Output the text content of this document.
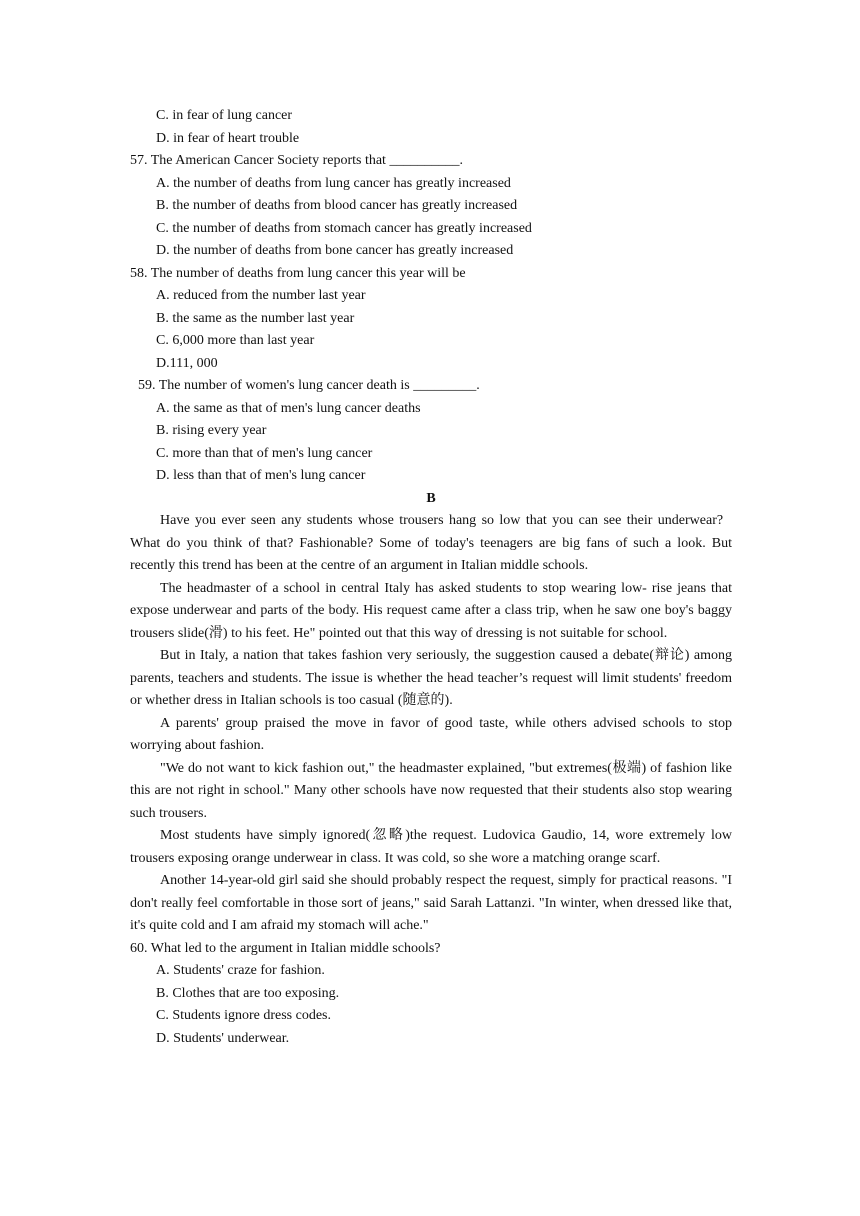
C. in fear of lung cancer
D. in fear of heart trouble
57. The American Cancer Society reports that __________.
A. the number of deaths from lung cancer has greatly increased
B. the number of deaths from blood cancer has greatly increased
C. the number of deaths from stomach cancer has greatly increased
D. the number of deaths from bone cancer has greatly increased
58. The number of deaths from lung cancer this year will be
A. reduced from the number last year
B. the same as the number last year
C. 6,000 more than last year
D.111, 000
59. The number of women's lung cancer death is _________.
A. the same as that of men's lung cancer deaths
B. rising every year
C. more than that of men's lung cancer
D. less than that of men's lung cancer
B

Have you ever seen any students whose trousers hang so low that you can see their underwear?   What do you think of that? Fashionable? Some of today's teenagers are big fans of such a look. But recently this trend has been at the centre of an argument in Italian middle schools.

The headmaster of a school in central Italy has asked students to stop wearing low- rise jeans that expose underwear and parts of the body. His request came after a class trip, when he saw one boy's baggy trousers slide(滑) to his feet. He" pointed out that this way of dressing is not suitable for school.

But in Italy, a nation that takes fashion very seriously, the suggestion caused a debate(辩论) among parents, teachers and students. The issue is whether the head teacher’s request will limit students' freedom or whether dress in Italian schools is too casual (随意的).

A parents' group praised the move in favor of good taste, while others advised schools to stop worrying about fashion.

"We do not want to kick fashion out," the headmaster explained, "but extremes(极端) of fashion like this are not right in school." Many other schools have now requested that their students also stop wearing such trousers.

Most students have simply ignored(忽略)the request. Ludovica Gaudio, 14, wore extremely low trousers exposing orange underwear in class. It was cold, so she wore a matching orange scarf.

Another 14-year-old girl said she should probably respect the request, simply for practical reasons. "I don't really feel comfortable in those sort of jeans," said Sarah Lattanzi. "In winter, when dressed like that, it's quite cold and I am afraid my stomach will ache."

60. What led to the argument in Italian middle schools?
A. Students' craze for fashion.
B. Clothes that are too exposing.
C. Students ignore dress codes.
D. Students' underwear.
